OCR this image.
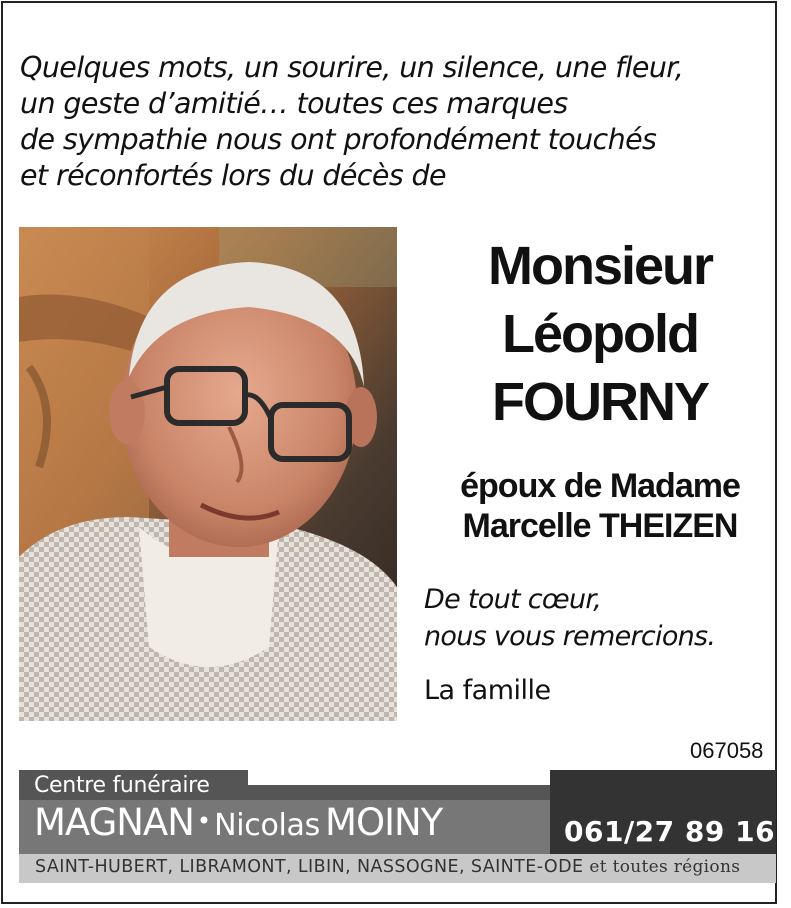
Quelques mots, un sourire, un silence, une fleur,
un geste d’amitié… toutes ces marques
de sympathie nous ont profondément touchés
et réconfortés lors du décès de
Monsieur
Léopold
FOURNY
époux de Madame
Marcelle THEIZEN
De tout cœur,
nous vous remercions.
La famille
067058
Centre funéraire
MAGNAN • Nicolas MOINY	061/27 89 16
SAINT-HUBERT, LIBRAMONT, LIBIN, NASSOGNE, SAINTE-ODE et toutes régions
